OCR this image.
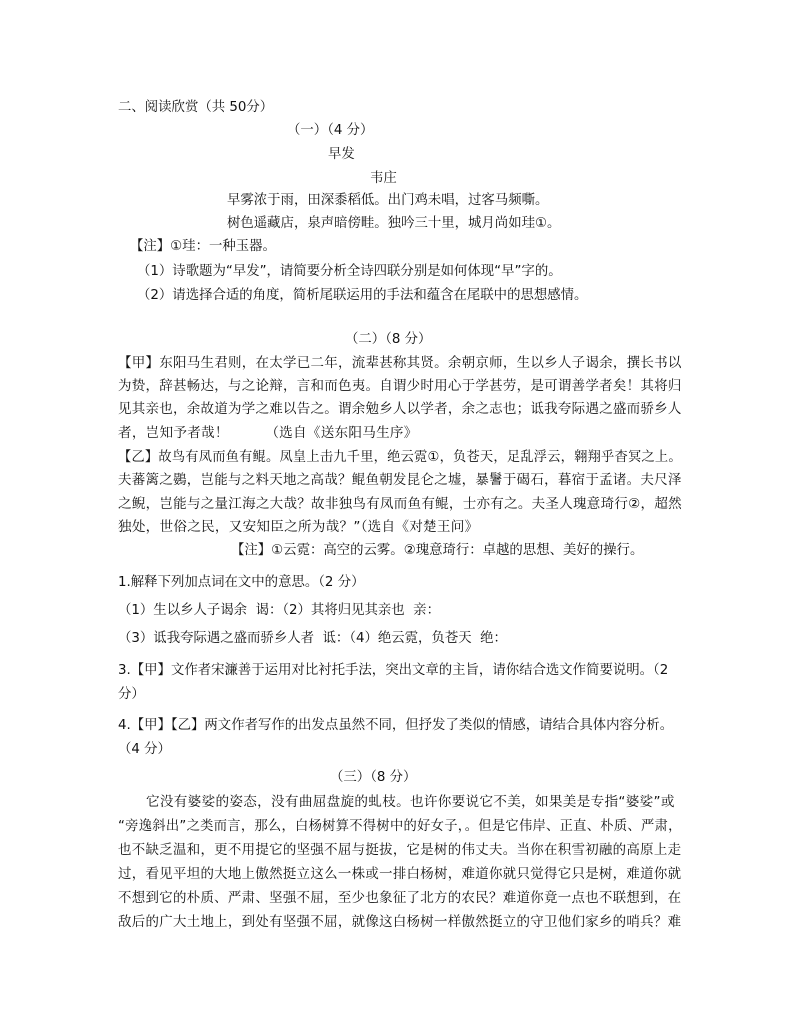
二、阅读欣赏（共 50分）
（一）（4 分）
早发
韦庄
早雾浓于雨，田深黍稻低。出门鸡未唱，过客马频嘶。
树色遥藏店，泉声暗傍畦。独吟三十里，城月尚如珪①。
【注】①珪：一种玉器。
（1）诗歌题为“早发”，请简要分析全诗四联分别是如何体现“早”字的。
（2）请选择合适的角度，简析尾联运用的手法和蕴含在尾联中的思想感情。
（二）（8 分）
【甲】东阳马生君则，在太学已二年，流辈甚称其贤。余朝京师，生以乡人子谒余，撰长书以
为贽，辞甚畅达，与之论辩，言和而色夷。自谓少时用心于学甚劳，是可谓善学者矣！其将归
见其亲也，余故道为学之难以告之。谓余勉乡人以学者，余之志也；诋我夸际遇之盛而骄乡人
者，岂知予者哉！        （选自《送东阳马生序》
【乙】故鸟有凤而鱼有鲲。凤皇上击九千里，绝云霓①，负苍天，足乱浮云，翱翔乎杳冥之上。
夫蕃篱之鷃，岂能与之料天地之高哉？鲲鱼朝发昆仑之墟，暴鬐于碣石，暮宿于孟诸。夫尺泽
之鲵，岂能与之量江海之大哉？故非独鸟有凤而鱼有鲲，士亦有之。夫圣人瑰意琦行②，超然
独处，世俗之民，又安知臣之所为哉？”（选自《对楚王问》
【注】①云霓：高空的云雾。②瑰意琦行：卓越的思想、美好的操行。
1.解释下列加点词在文中的意思。（2 分）
（1）生以乡人子谒余  谒：（2）其将归见其亲也  亲：
（3）诋我夸际遇之盛而骄乡人者  诋：（4）绝云霓，负苍天  绝：
3.【甲】文作者宋濂善于运用对比衬托手法，突出文章的主旨，请你结合选文作简要说明。（2
分）
4.【甲】【乙】两文作者写作的出发点虽然不同，但抒发了类似的情感，请结合具体内容分析。
（4 分）
（三）（8 分）
它没有婆娑的姿态，没有曲屈盘旋的虬枝。也许你要说它不美，如果美是专指“婆娑”或
“旁逸斜出”之类而言，那么，白杨树算不得树中的好女子，。但是它伟岸、正直、朴质、严肃，
也不缺乏温和，更不用提它的坚强不屈与挺拔，它是树的伟丈夫。当你在积雪初融的高原上走
过，看见平坦的大地上傲然挺立这么一株或一排白杨树，难道你就只觉得它只是树，难道你就
不想到它的朴质、严肃、坚强不屈，至少也象征了北方的农民？难道你竟一点也不联想到，在
敌后的广大土地上，到处有坚强不屈，就像这白杨树一样傲然挺立的守卫他们家乡的哨兵？难
